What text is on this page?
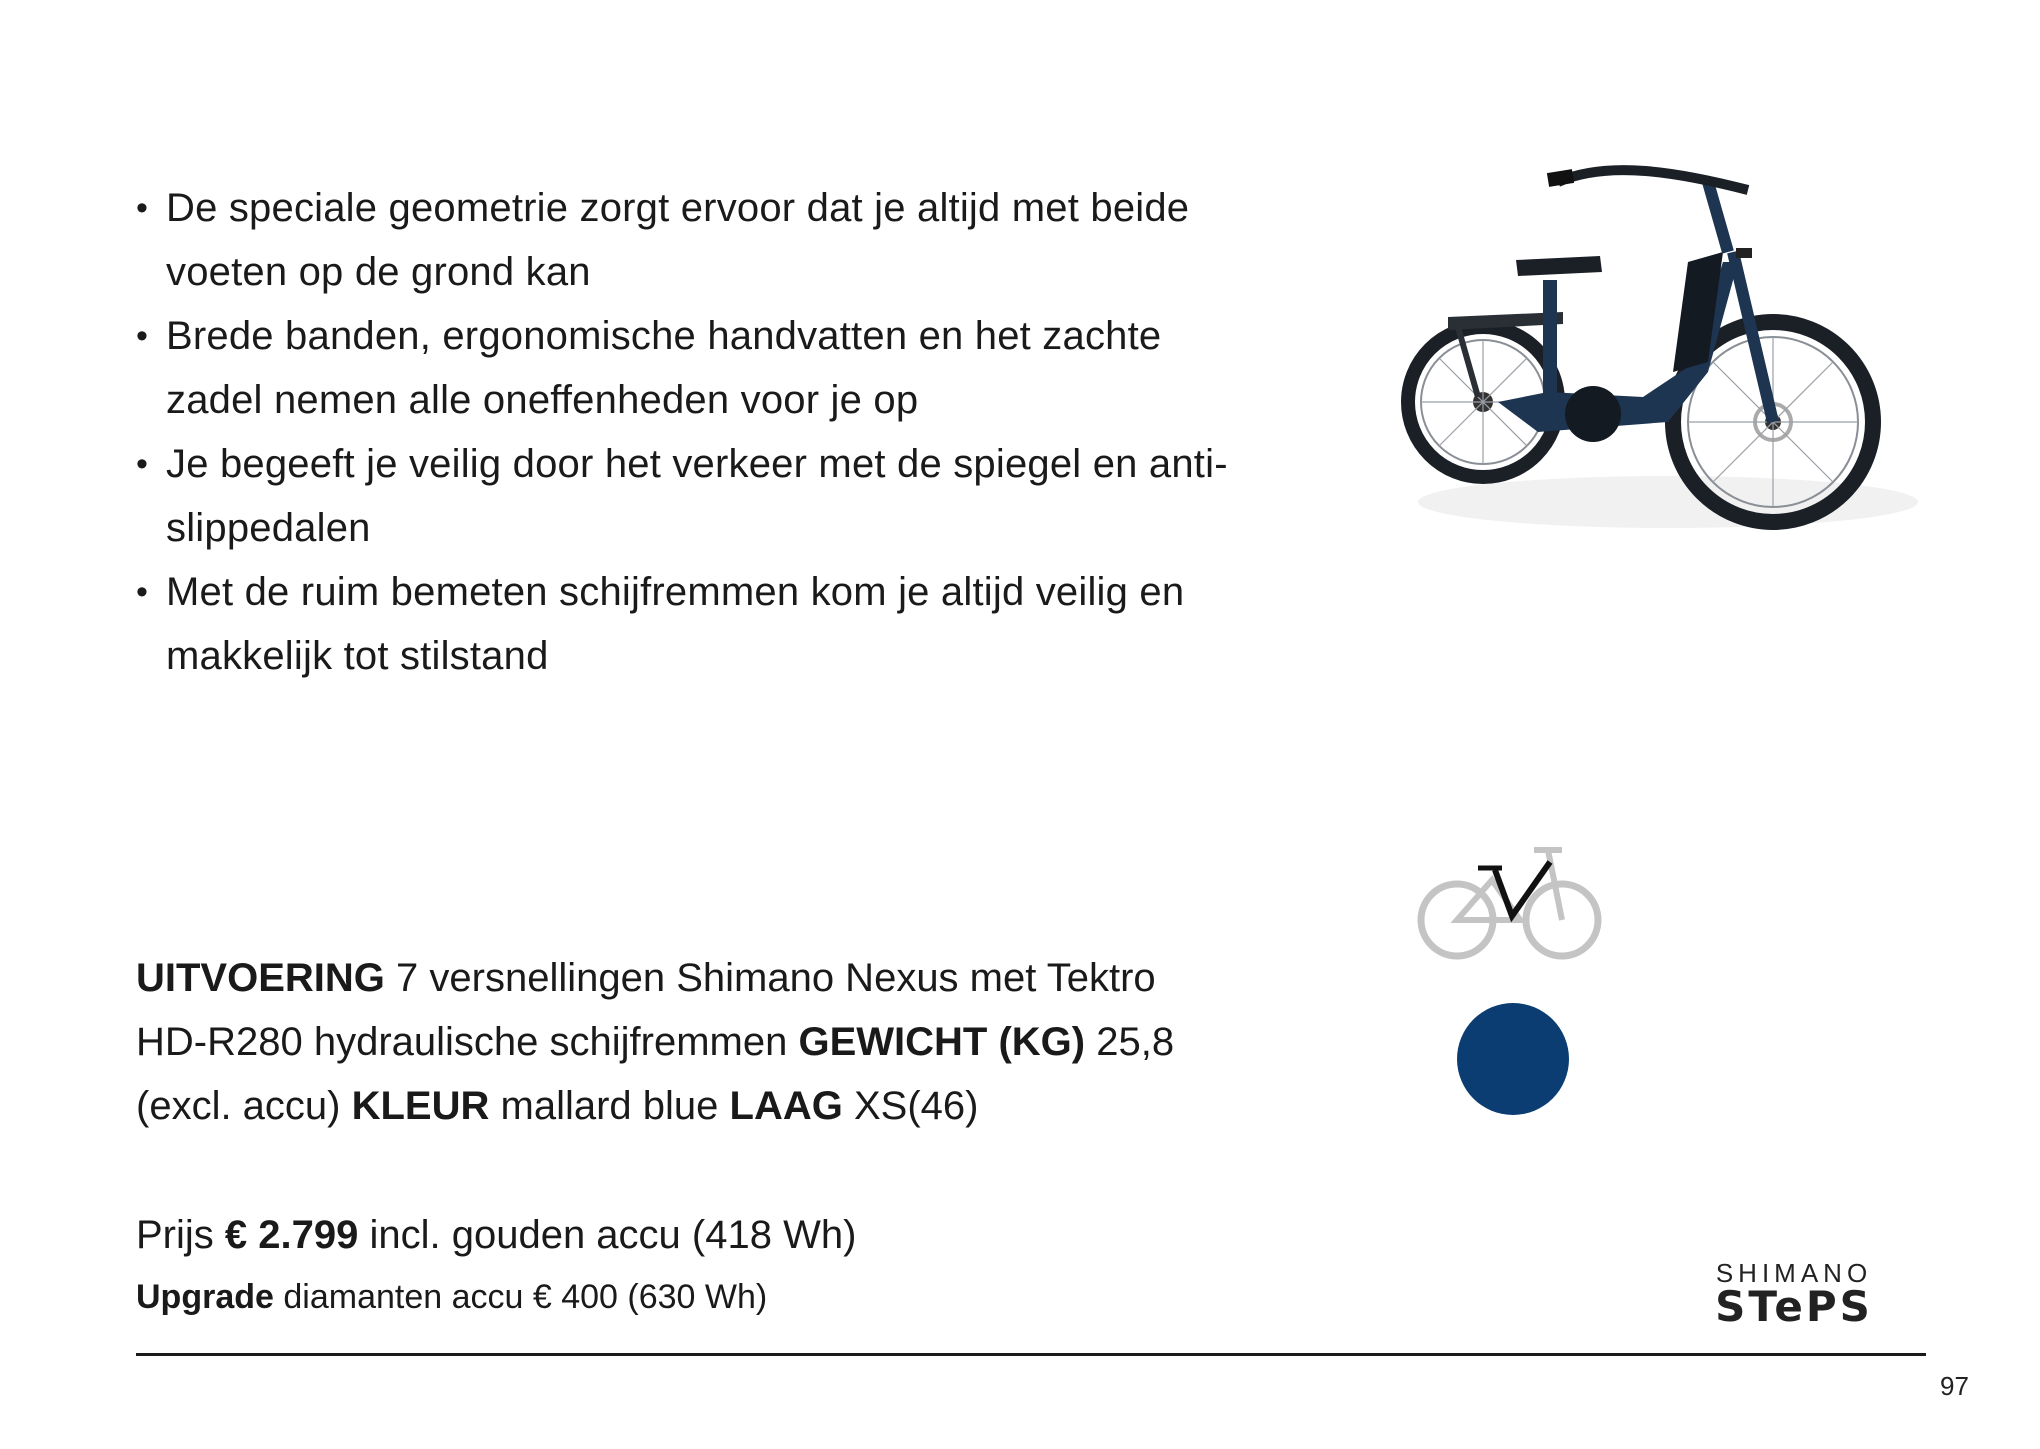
• De speciale geometrie zorgt ervoor dat je altijd met beide
voeten op de grond kan
• Brede banden, ergonomische handvatten en het zachte
zadel nemen alle oneffenheden voor je op
• Je begeeft je veilig door het verkeer met de spiegel en anti-
slippedalen
• Met de ruim bemeten schijfremmen kom je altijd veilig en
makkelijk tot stilstand
UITVOERING 7 versnellingen Shimano Nexus met Tektro
HD-R280 hydraulische schijfremmen GEWICHT (KG) 25,8
(excl. accu) KLEUR mallard blue LAAG XS(46)
Prijs € 2.799 incl. gouden accu (418 Wh)
Upgrade diamanten accu € 400 (630 Wh)
SHIMANO
STePS
97
